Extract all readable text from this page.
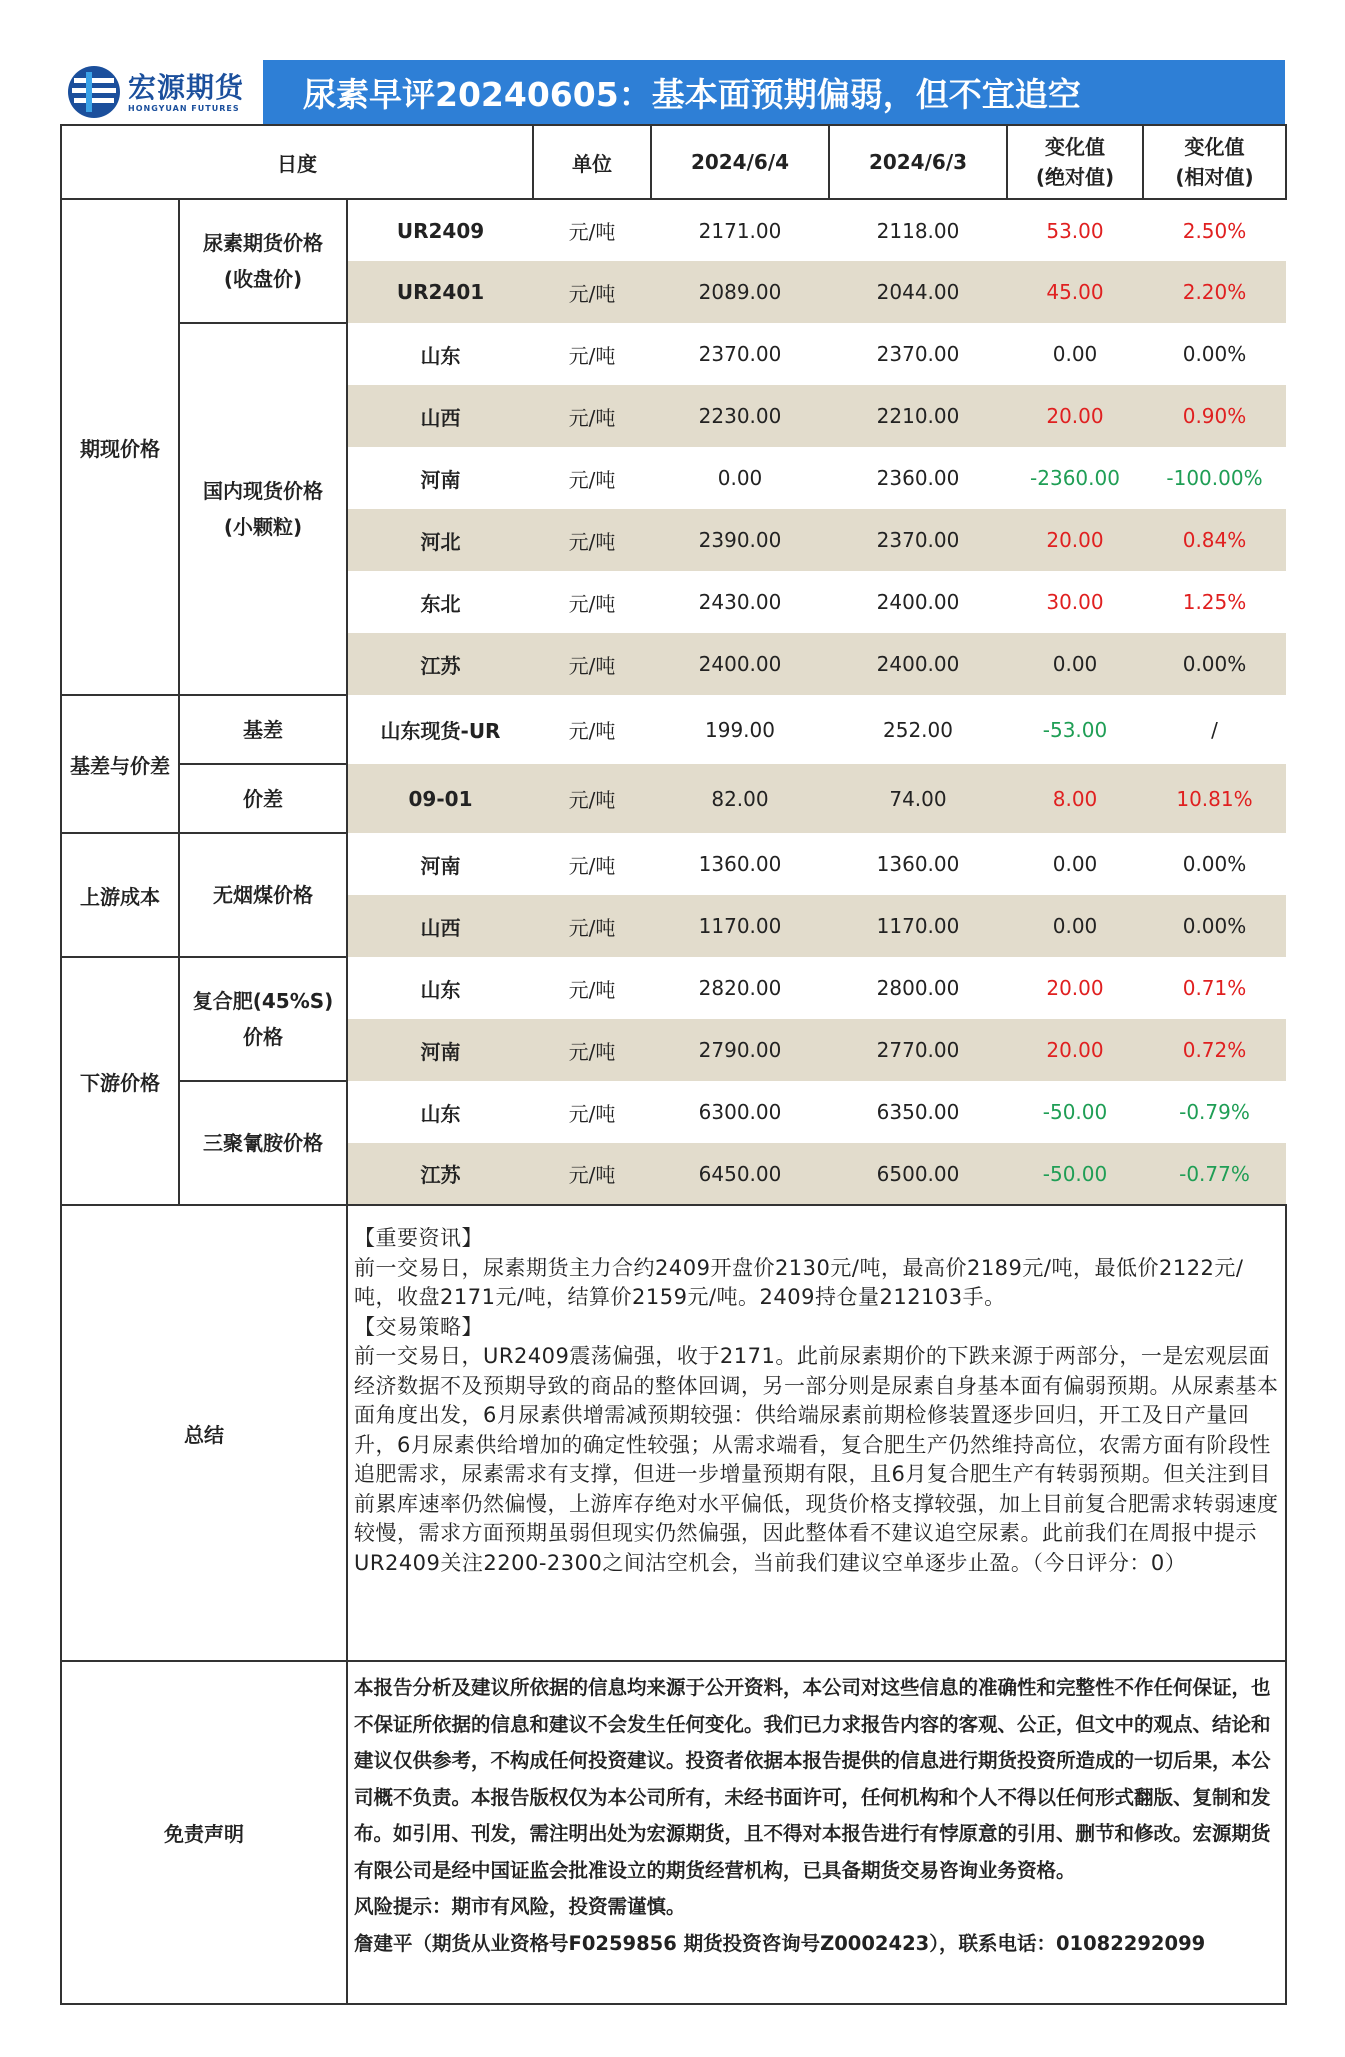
宏源期货
HONGYUAN FUTURES	尿素早评20240605：基本面预期偏弱，但不宜追空
日度			单位	2024/6/4	2024/6/3	变化值
(绝对值)	变化值
(相对值)
期现价格	尿素期货价格
(收盘价)	UR2409	元/吨	2171.00	2118.00	53.00	2.50%
		UR2401	元/吨	2089.00	2044.00	45.00	2.20%
	国内现货价格
(小颗粒)	山东	元/吨	2370.00	2370.00	0.00	0.00%
		山西	元/吨	2230.00	2210.00	20.00	0.90%
		河南	元/吨	0.00	2360.00	-2360.00	-100.00%
		河北	元/吨	2390.00	2370.00	20.00	0.84%
		东北	元/吨	2430.00	2400.00	30.00	1.25%
		江苏	元/吨	2400.00	2400.00	0.00	0.00%
基差与价差	基差	山东现货-UR	元/吨	199.00	252.00	-53.00	/
	价差	09-01	元/吨	82.00	74.00	8.00	10.81%
上游成本	无烟煤价格	河南	元/吨	1360.00	1360.00	0.00	0.00%
		山西	元/吨	1170.00	1170.00	0.00	0.00%
下游价格	复合肥(45%S)
价格	山东	元/吨	2820.00	2800.00	20.00	0.71%
		河南	元/吨	2790.00	2770.00	20.00	0.72%
	三聚氰胺价格	山东	元/吨	6300.00	6350.00	-50.00	-0.79%
		江苏	元/吨	6450.00	6500.00	-50.00	-0.77%
总结		【重要资讯】
前一交易日，尿素期货主力合约2409开盘价2130元/吨，最高价2189元/吨，最低价2122元/吨，收盘2171元/吨，结算价2159元/吨。2409持仓量212103手。
【交易策略】
前一交易日，UR2409震荡偏强，收于2171。此前尿素期价的下跌来源于两部分，一是宏观层面经济数据不及预期导致的商品的整体回调，另一部分则是尿素自身基本面有偏弱预期。从尿素基本面角度出发，6月尿素供增需减预期较强：供给端尿素前期检修装置逐步回归，开工及日产量回升，6月尿素供给增加的确定性较强；从需求端看，复合肥生产仍然维持高位，农需方面有阶段性追肥需求，尿素需求有支撑，但进一步增量预期有限，且6月复合肥生产有转弱预期。但关注到目前累库速率仍然偏慢，上游库存绝对水平偏低，现货价格支撑较强，加上目前复合肥需求转弱速度较慢，需求方面预期虽弱但现实仍然偏强，因此整体看不建议追空尿素。此前我们在周报中提示UR2409关注2200-2300之间沽空机会，当前我们建议空单逐步止盈。（今日评分：0）					

免责声明		本报告分析及建议所依据的信息均来源于公开资料，本公司对这些信息的准确性和完整性不作任何保证，也不保证所依据的信息和建议不会发生任何变化。我们已力求报告内容的客观、公正，但文中的观点、结论和建议仅供参考，不构成任何投资建议。投资者依据本报告提供的信息进行期货投资所造成的一切后果，本公司概不负责。本报告版权仅为本公司所有，未经书面许可，任何机构和个人不得以任何形式翻版、复制和发布。如引用、刊发，需注明出处为宏源期货，且不得对本报告进行有悖原意的引用、删节和修改。宏源期货有限公司是经中国证监会批准设立的期货经营机构，已具备期货交易咨询业务资格。
风险提示：期市有风险，投资需谨慎。
詹建平（期货从业资格号F0259856 期货投资咨询号Z0002423），联系电话：01082292099					
